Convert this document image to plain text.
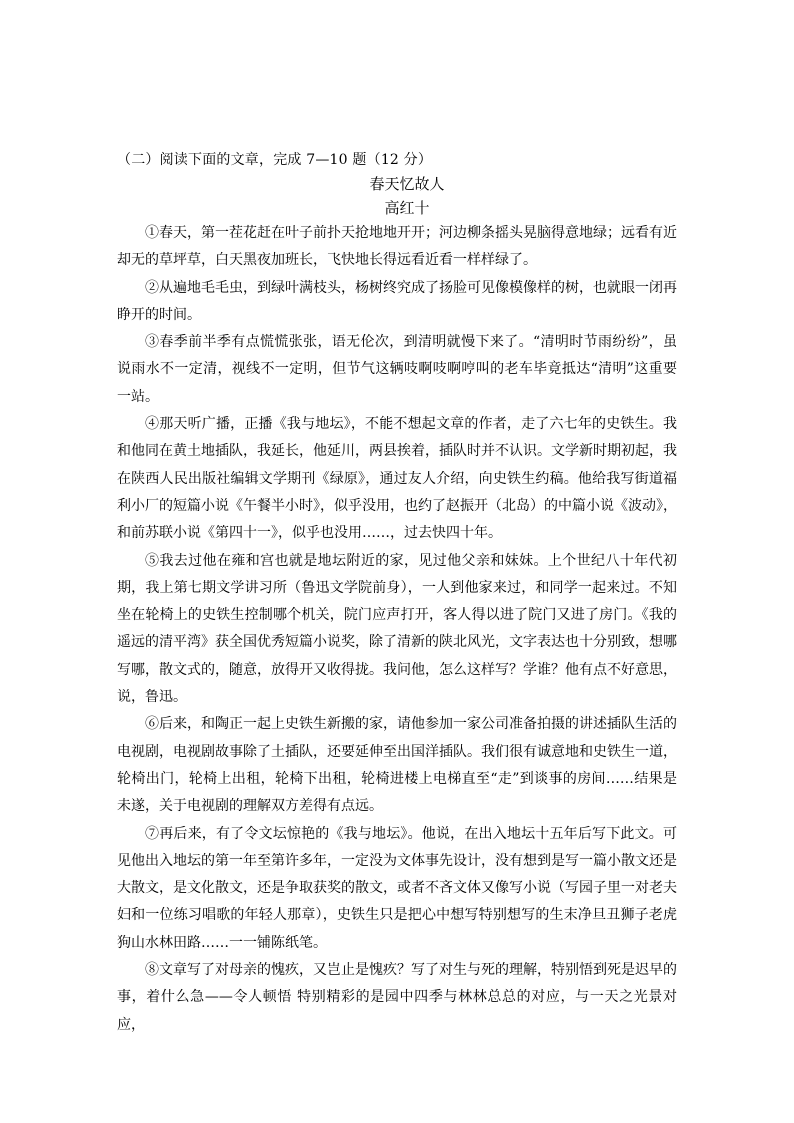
（二）阅读下面的文章，完成 7—10 题（12 分）
春天忆故人
高红十

①春天，第一茬花赶在叶子前扑天抢地地开开；河边柳条摇头晃脑得意地绿；远看有近却无的草坪草，白天黑夜加班长，飞快地长得远看近看一样样绿了。

②从遍地毛毛虫，到绿叶满枝头，杨树终究成了扬脸可见像模像样的树，也就眼一闭再睁开的时间。

③春季前半季有点慌慌张张，语无伦次，到清明就慢下来了。“清明时节雨纷纷”，虽说雨水不一定清，视线不一定明，但节气这辆吱啊吱啊哼叫的老车毕竟抵达“清明”这重要一站。

④那天听广播，正播《我与地坛》，不能不想起文章的作者，走了六七年的史铁生。我和他同在黄土地插队，我延长，他延川，两县挨着，插队时并不认识。文学新时期初起，我在陕西人民出版社编辑文学期刊《绿原》，通过友人介绍，向史铁生约稿。他给我写街道福利小厂的短篇小说《午餐半小时》，似乎没用，也约了赵振开（北岛）的中篇小说《波动》，和前苏联小说《第四十一》，似乎也没用……，过去快四十年。

⑤我去过他在雍和宫也就是地坛附近的家，见过他父亲和妹妹。上个世纪八十年代初期，我上第七期文学讲习所（鲁迅文学院前身），一人到他家来过，和同学一起来过。不知坐在轮椅上的史铁生控制哪个机关，院门应声打开，客人得以进了院门又进了房门。《我的遥远的清平湾》获全国优秀短篇小说奖，除了清新的陕北风光，文字表达也十分别致，想哪写哪，散文式的，随意，放得开又收得拢。我问他，怎么这样写？学谁？他有点不好意思，说，鲁迅。

⑥后来，和陶正一起上史铁生新搬的家，请他参加一家公司准备拍摄的讲述插队生活的电视剧，电视剧故事除了土插队，还要延伸至出国洋插队。我们很有诚意地和史铁生一道，轮椅出门，轮椅上出租，轮椅下出租，轮椅进楼上电梯直至“走”到谈事的房间……结果是未遂，关于电视剧的理解双方差得有点远。

⑦再后来，有了令文坛惊艳的《我与地坛》。他说，在出入地坛十五年后写下此文。可见他出入地坛的第一年至第许多年，一定没为文体事先设计，没有想到是写一篇小散文还是大散文，是文化散文，还是争取获奖的散文，或者不吝文体又像写小说（写园子里一对老夫妇和一位练习唱歌的年轻人那章），史铁生只是把心中想写特别想写的生末净旦丑狮子老虎狗山水林田路……一一铺陈纸笔。

⑧文章写了对母亲的愧疚，又岂止是愧疚？写了对生与死的理解，特别悟到死是迟早的事，着什么急——令人顿悟 特别精彩的是园中四季与林林总总的对应，与一天之光景对应，
